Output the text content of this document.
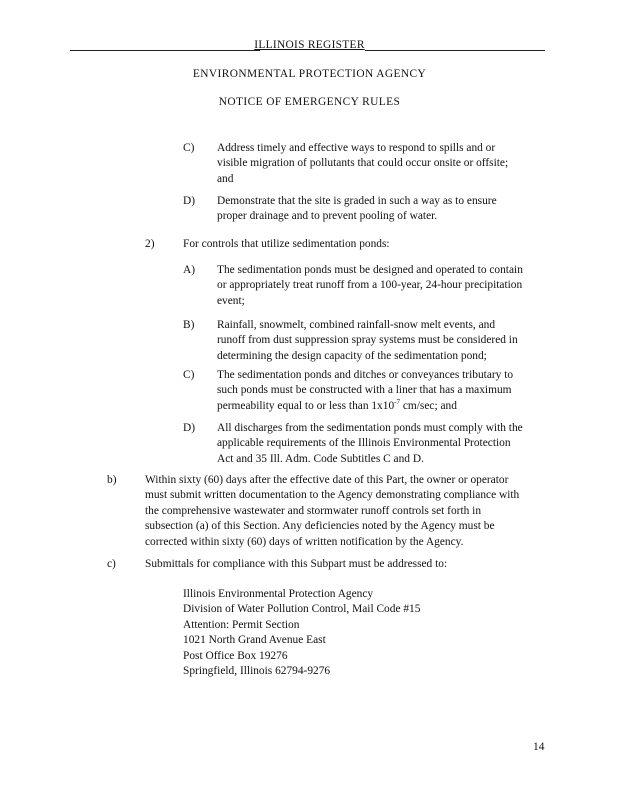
ILLINOIS REGISTER

ENVIRONMENTAL PROTECTION AGENCY

NOTICE OF EMERGENCY RULES

C) Address timely and effective ways to respond to spills and or
visible migration of pollutants that could occur onsite or offsite;
and
D) Demonstrate that the site is graded in such a way as to ensure
proper drainage and to prevent pooling of water.
2)	For controls that utilize sedimentation ponds:
A) The sedimentation ponds must be designed and operated to contain
or appropriately treat runoff from a 100-year, 24-hour precipitation
event;
B) Rainfall, snowmelt, combined rainfall-snow melt events, and
runoff from dust suppression spray systems must be considered in
determining the design capacity of the sedimentation pond;
C) The sedimentation ponds and ditches or conveyances tributary to
such ponds must be constructed with a liner that has a maximum
permeability equal to or less than $1x10^{-7}$ cm/sec; and
D) All discharges from the sedimentation ponds must comply with the
applicable requirements of the Illinois Environmental Protection
Act and 35 Ill. Adm. Code Subtitles C and D.
b)	Within sixty (60) days after the effective date of this Part, the owner or operator
must submit written documentation to the Agency demonstrating compliance with
the comprehensive wastewater and stormwater runoff controls set forth in
subsection (a) of this Section. Any deficiencies noted by the Agency must be
corrected within sixty (60) days of written notification by the Agency.
c)	Submittals for compliance with this Subpart must be addressed to:
Illinois Environmental Protection Agency
Division of Water Pollution Control, Mail Code #15
Attention: Permit Section
1021 North Grand Avenue East
Post Office Box 19276
Springfield, Illinois 62794-9276
14
